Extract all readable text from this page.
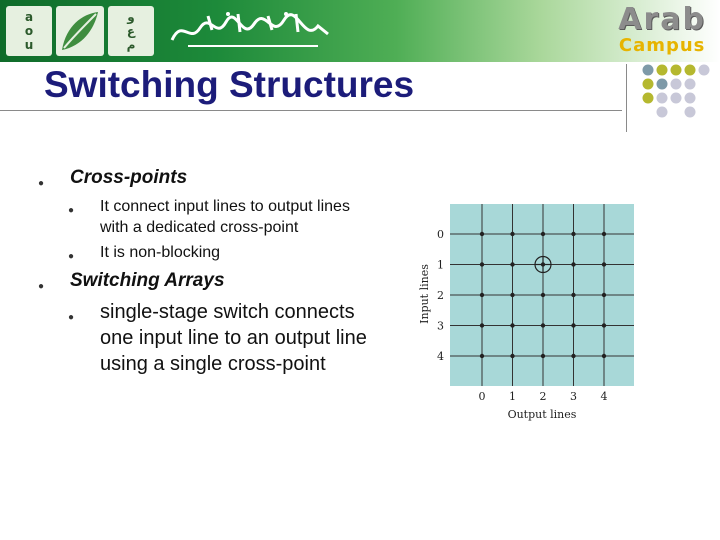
a
o
u
و
ع
م
Arab
Campus
Switching Structures
● Cross-points
● It connect input lines to output lines with a dedicated cross-point
● It is non-blocking
● Switching Arrays
● single-stage switch connects one input line to an output line using a single cross-point
0
1
2
3
4
0 1 2 3 4
Output lines
Input lines
